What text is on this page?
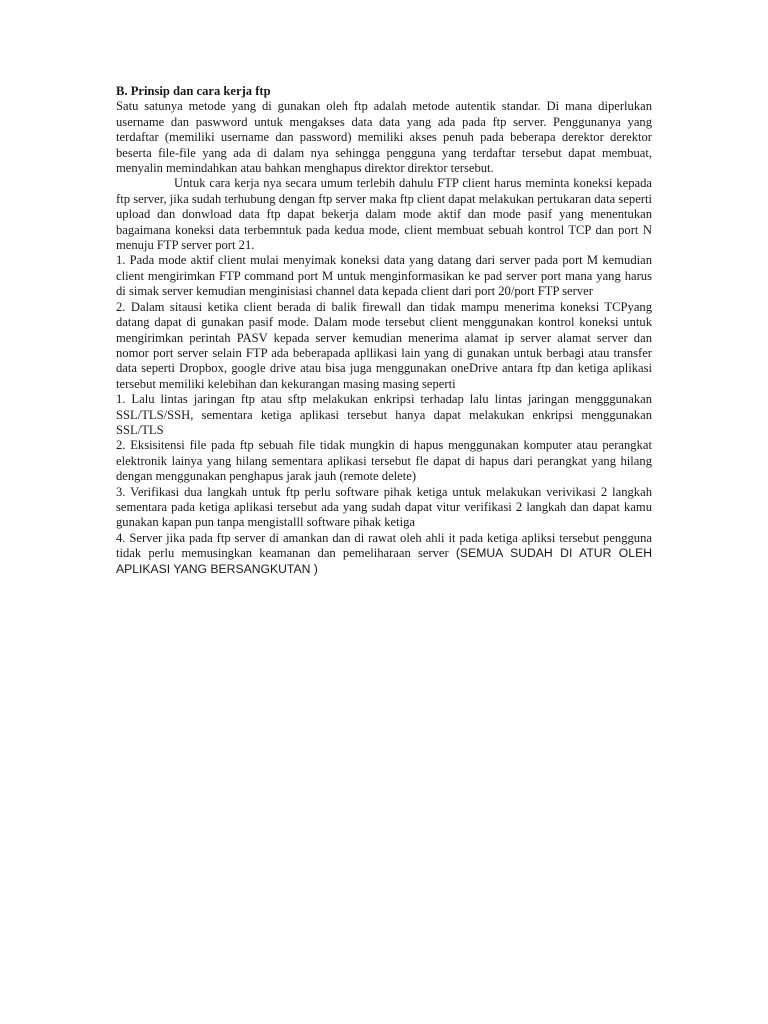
B. Prinsip dan cara kerja ftp

Satu satunya metode yang di gunakan oleh ftp adalah metode autentik standar. Di mana diperlukan username dan paswword untuk mengakses data data yang ada pada ftp server. Penggunanya yang terdaftar (memiliki username dan password) memiliki akses penuh pada beberapa derektor derektor beserta file-file yang ada di dalam nya sehingga pengguna yang terdaftar tersebut dapat membuat, menyalin memindahkan atau bahkan menghapus direktor direktor tersebut.

Untuk cara kerja nya secara umum terlebih dahulu FTP client harus meminta koneksi kepada ftp server, jika sudah terhubung dengan ftp server maka ftp client dapat melakukan pertukaran data seperti upload dan donwload data ftp dapat bekerja dalam mode aktif dan mode pasif yang menentukan bagaimana koneksi data terbemntuk pada kedua mode, client membuat sebuah kontrol TCP dan port N menuju FTP server port 21.

1. Pada mode aktif client mulai menyimak koneksi data yang datang dari server pada port M kemudian client mengirimkan FTP command port M untuk menginformasikan ke pad server port mana yang harus di simak server kemudian menginisiasi channel data kepada client dari port 20/port FTP server

2. Dalam sitausi ketika client berada di balik firewall dan tidak mampu menerima koneksi TCPyang datang dapat di gunakan pasif mode. Dalam mode tersebut client menggunakan kontrol koneksi untuk mengirimkan perintah PASV kepada server kemudian menerima alamat ip server alamat server dan nomor port server selain FTP ada beberapada apllikasi lain yang di gunakan untuk berbagi atau transfer data seperti Dropbox, google drive atau bisa juga menggunakan oneDrive antara ftp dan ketiga aplikasi tersebut memiliki kelebihan dan kekurangan masing masing seperti

1. Lalu lintas jaringan ftp atau sftp melakukan enkripsi terhadap lalu lintas jaringan mengggunakan SSL/TLS/SSH, sementara ketiga aplikasi tersebut hanya dapat melakukan enkripsi menggunakan SSL/TLS

2. Eksisitensi file pada ftp sebuah file tidak mungkin di hapus menggunakan komputer atau perangkat elektronik lainya yang hilang sementara aplikasi tersebut fle dapat di hapus dari perangkat yang hilang dengan menggunakan penghapus jarak jauh (remote delete)

3. Verifikasi dua langkah untuk ftp perlu software pihak ketiga untuk melakukan verivikasi 2 langkah sementara pada ketiga aplikasi tersebut ada yang sudah dapat vitur verifikasi 2 langkah dan dapat kamu gunakan kapan pun tanpa mengistalll software pihak ketiga

4. Server jika pada ftp server di amankan dan di rawat oleh ahli it pada ketiga apliksi tersebut pengguna tidak perlu memusingkan keamanan dan pemeliharaan server (SEMUA SUDAH DI ATUR OLEH APLIKASI YANG BERSANGKUTAN )
